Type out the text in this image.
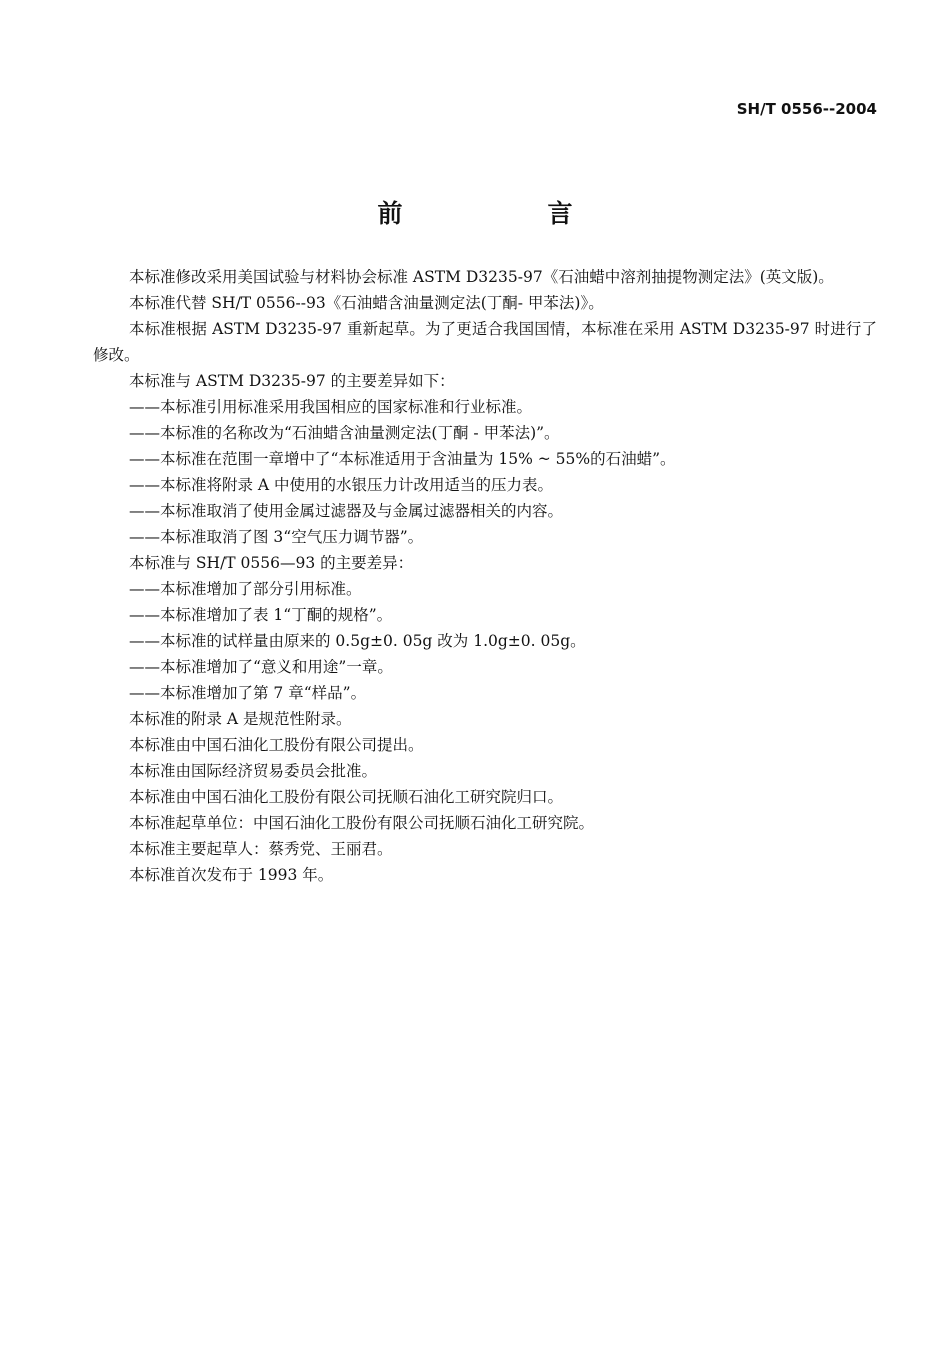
SH/T 0556--2004
前　言

本标准修改采用美国试验与材料协会标准 ASTM D3235-97《石油蜡中溶剂抽提物测定法》(英文版)。

本标准代替 SH/T 0556--93《石油蜡含油量测定法(丁酮- 甲苯法)》。

本标准根据 ASTM D3235-97 重新起草。为了更适合我国国情，本标准在采用 ASTM D3235-97 时进行了修改。

本标准与 ASTM D3235-97 的主要差异如下：

——本标准引用标准采用我国相应的国家标准和行业标准。

——本标准的名称改为“石油蜡含油量测定法(丁酮 - 甲苯法)”。

——本标准在范围一章增中了“本标准适用于含油量为 15% ~ 55%的石油蜡”。

——本标准将附录 A 中使用的水银压力计改用适当的压力表。

——本标准取消了使用金属过滤器及与金属过滤器相关的内容。

——本标准取消了图 3“空气压力调节器”。

本标准与 SH/T 0556—93 的主要差异：

——本标准增加了部分引用标准。

——本标准增加了表 1“丁酮的规格”。

——本标准的试样量由原来的 0.5g±0. 05g 改为 1.0g±0. 05g。

——本标准增加了“意义和用途”一章。

——本标准增加了第 7 章“样品”。

本标准的附录 A 是规范性附录。

本标准由中国石油化工股份有限公司提出。

本标准由国际经济贸易委员会批准。

本标准由中国石油化工股份有限公司抚顺石油化工研究院归口。

本标准起草单位：中国石油化工股份有限公司抚顺石油化工研究院。

本标准主要起草人：蔡秀党、王丽君。

本标准首次发布于 1993 年。
